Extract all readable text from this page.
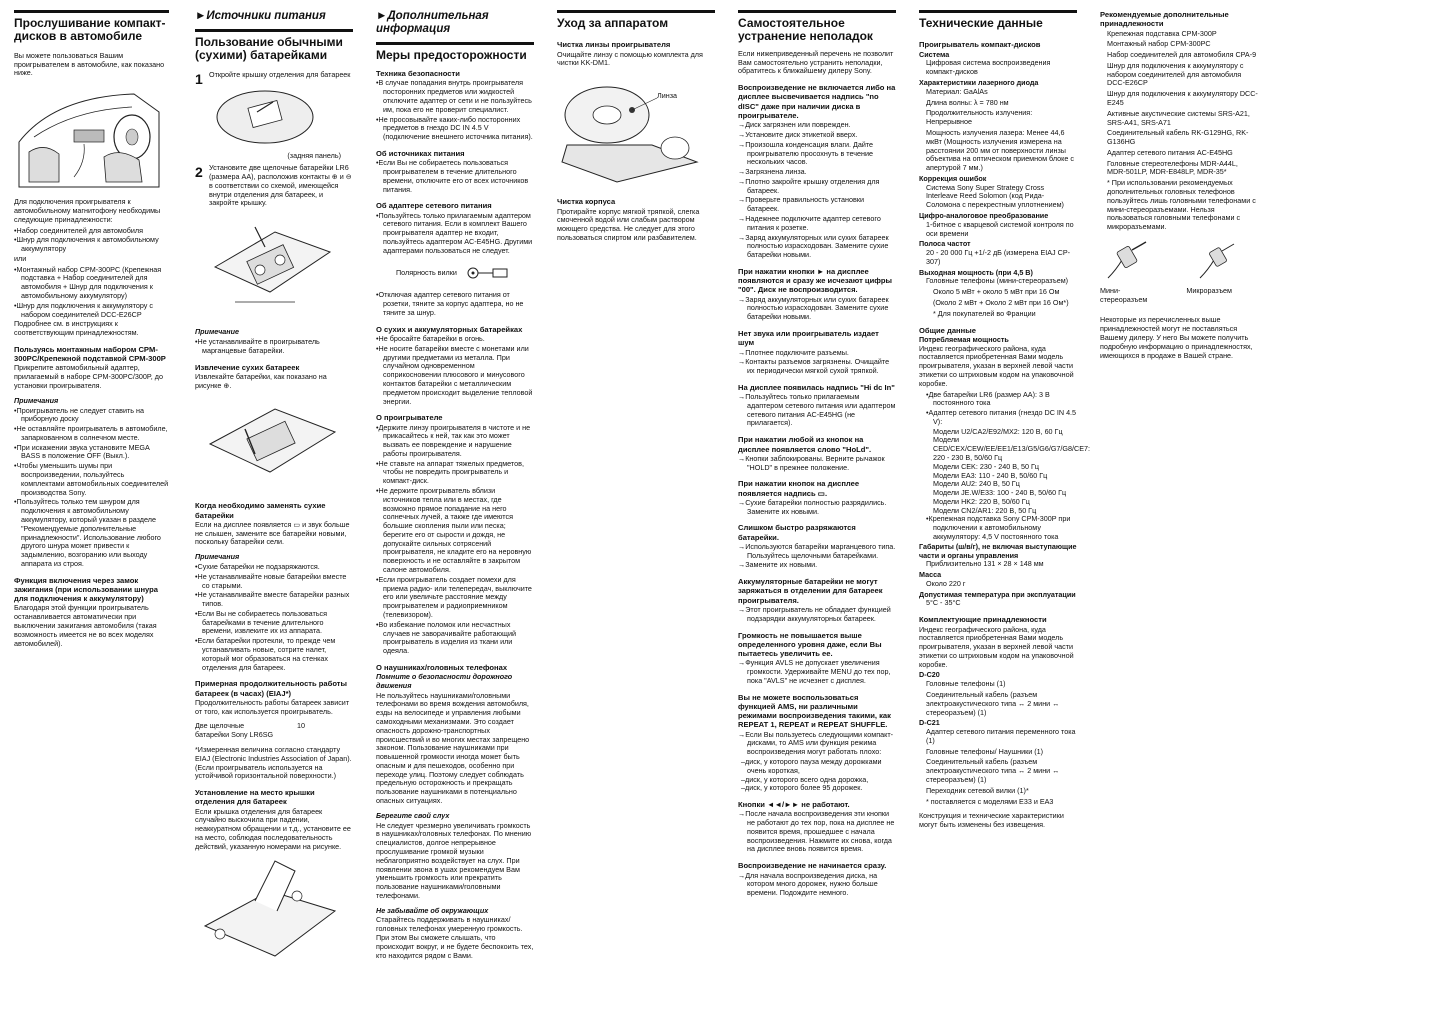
Прослушивание компакт-дисков в автомобиле

Вы можете пользоваться Вашим проигрывателем в автомобиле, как показано ниже.

Для подключения проигрывателя к автомобильному магнитофону необходимы следующие принадлежности:

• Набор соединителей для автомобиля
• Шнур для подключения к автомобильному аккумулятору

или

• Монтажный набор CPM-300PC (Крепежная подставка + Набор соединителей для автомобиля + Шнур для подключения к автомобильному аккумулятору)
• Шнур для подключения к аккумулятору с набором соединителей DCC-E26CP

Подробнее см. в инструкциях к соответствующим принадлежностям.

Пользуясь монтажным набором CPM-300PC/Крепежной подставкой CPM-300P

Прикрепите автомобильный адаптер, прилагаемый в наборе CPM-300PC/300P, до установки проигрывателя.

Примечания
• Проигрыватель не следует ставить на приборную доску
• Не оставляйте проигрыватель в автомобиле, запаркованном в солнечном месте.
• При искажении звука установите MEGA BASS в положение OFF (Выкл.).
• Чтобы уменьшить шумы при воспроизведении, пользуйтесь комплектами автомобильных соединителей производства Sony.
• Пользуйтесь только тем шнуром для подключения к автомобильному аккумулятору, который указан в разделе "Рекомендуемые дополнительные принадлежности". Использование любого другого шнура может привести к задымлению, возгоранию или выходу аппарата из строя.
Функция включения через замок зажигания (при использовании шнура для подключения к аккумулятору)

Благодаря этой функции проигрыватель останавливается автоматически при выключении зажигания автомобиля (такая возможность имеется не во всех моделях автомобилей).

►Источники питания
Пользование обычными (сухими) батарейками
1 Откройте крышку отделения для батареек

(задняя панель)
2 Установите две щелочные батарейки LR6 (размера AA), расположив контакты ⊕ и ⊖ в соответствии со схемой, имеющейся внутри отделения для батареек, и закройте крышку.

Примечание
• Не устанавливайте в проигрыватель марганцевые батарейки.
Извлечение сухих батареек

Извлекайте батарейки, как показано на рисунке ⊕.

Когда необходимо заменять сухие батарейки

Если на дисплее появляется ▭ и звук больше не слышен, замените все батарейки новыми, поскольку батарейки сели.

Примечания
• Сухие батарейки не подзаряжаются.
• Не устанавливайте новые батарейки вместе со старыми.
• Не устанавливайте вместе батарейки разных типов.
• Если Вы не собираетесь пользоваться батарейками в течение длительного времени, извлеките их из аппарата.
• Если батарейки протекли, то прежде чем устанавливать новые, сотрите налет, который мог образоваться на стенках отделения для батареек.
Примерная продолжительность работы батареек (в часах) (EIAJ*)

Продолжительность работы батареек зависит от того, как используется проигрыватель.

Две щелочные батарейки Sony LR6SG
10

*Измеренная величина согласно стандарту EIAJ (Electronic Industries Association of Japan). (Если проигрыватель используется на устойчивой горизонтальной поверхности.)

Установление на место крышки отделения для батареек

Если крышка отделения для батареек случайно выскочила при падении, неаккуратном обращении и т.д., установите ее на место, соблюдая последовательность действий, указанную номерами на рисунке.

►Дополнительная информация
Меры предосторожности
Техника безопасности
• В случае попадания внутрь проигрывателя посторонних предметов или жидкостей отключите адаптер от сети и не пользуйтесь им, пока его не проверит специалист.
• Не просовывайте каких-либо посторонних предметов в гнездо DC IN 4.5 V (подключение внешнего источника питания).
Об источниках питания
• Если Вы не собираетесь пользоваться проигрывателем в течение длительного времени, отключите его от всех источников питания.
Об адаптере сетевого питания
• Пользуйтесь только прилагаемым адаптером сетевого питания. Если в комплект Вашего проигрывателя адаптер не входит, пользуйтесь адаптером AC-E45HG. Другими адаптерами пользоваться не следует.
Полярность вилки
• Отключая адаптер сетевого питания от розетки, тяните за корпус адаптера, но не тяните за шнур.
О сухих и аккумуляторных батарейках
• Не бросайте батарейки в огонь.
• Не носите батарейки вместе с монетами или другими предметами из металла. При случайном одновременном соприкосновении плюсового и минусового контактов батарейки с металлическим предметом происходит выделение тепловой энергии.
О проигрывателе
• Держите линзу проигрывателя в чистоте и не прикасайтесь к ней, так как это может вызвать ее повреждение и нарушение работы проигрывателя.
• Не ставьте на аппарат тяжелых предметов, чтобы не повредить проигрыватель и компакт-диск.
• Не держите проигрыватель вблизи источников тепла или в местах, где возможно прямое попадание на него солнечных лучей, а также где имеются большие скопления пыли или песка; берегите его от сырости и дождя, не допускайте сильных сотрясений проигрывателя, не кладите его на неровную поверхность и не оставляйте в закрытом салоне автомобиля.
• Если проигрыватель создает помехи для приема радио- или телепередач, выключите его или увеличьте расстояние между проигрывателем и радиоприемником (телевизором).
• Во избежание поломок или несчастных случаев не заворачивайте работающий проигрыватель в изделия из ткани или одеяла.
О наушниках/головных телефонах
Помните о безопасности дорожного движения

Не пользуйтесь наушниками/головными телефонами во время вождения автомобиля, езды на велосипеде и управления любыми самоходными механизмами. Это создает опасность дорожно-транспортных происшествий и во многих местах запрещено законом. Пользование наушниками при повышенной громкости иногда может быть опасным и для пешеходов, особенно при переходе улиц. Поэтому следует соблюдать предельную осторожность и прекращать пользование наушниками в потенциально опасных ситуациях.

Берегите свой слух

Не следует чрезмерно увеличивать громкость в наушниках/головных телефонах. По мнению специалистов, долгое непрерывное прослушивание громкой музыки неблагоприятно воздействует на слух. При появлении звона в ушах рекомендуем Вам уменьшить громкость или прекратить пользование наушниками/головными телефонами.

Не забывайте об окружающих

Старайтесь поддерживать в наушниках/головных телефонах умеренную громкость. При этом Вы сможете слышать, что происходит вокруг, и не будете беспокоить тех, кто находится рядом с Вами.

Уход за аппаратом
Чистка линзы проигрывателя

Очищайте линзу с помощью комплекта для чистки KK-DM1.

Линза
Чистка корпуса

Протирайте корпус мягкой тряпкой, слегка смоченной водой или слабым раствором моющего средства. Не следует для этого пользоваться спиртом или разбавителем.

Самостоятельное устранение неполадок

Если нижеприведенный перечень не позволит Вам самостоятельно устранить неполадки, обратитесь к ближайшему дилеру Sony.

Воспроизведение не включается либо на дисплее высвечивается надпись "no dISC" даже при наличии диска в проигрывателе.
→ Диск загрязнен или поврежден.
→ Установите диск этикеткой вверх.
→ Произошла конденсация влаги. Дайте проигрывателю просохнуть в течение нескольких часов.
→ Загрязнена линза.
→ Плотно закройте крышку отделения для батареек.
→ Проверьте правильность установки батареек.
→ Надежнее подключите адаптер сетевого питания к розетке.
→ Заряд аккумуляторных или сухих батареек полностью израсходован. Замените сухие батарейки новыми.
При нажатии кнопки ► на дисплее появляются и сразу же исчезают цифры "00". Диск не воспроизводится.
→ Заряд аккумуляторных или сухих батареек полностью израсходован. Замените сухие батарейки новыми.
Нет звука или проигрыватель издает шум
→ Плотнее подключите разъемы.
→ Контакты разъемов загрязнены. Очищайте их периодически мягкой сухой тряпкой.
На дисплее появилась надпись "Hi dc In"
→ Пользуйтесь только прилагаемым адаптером сетевого питания или адаптером сетевого питания AC-E45HG (не прилагается).
При нажатии любой из кнопок на дисплее появляется слово "HoLd".
→ Кнопки заблокированы. Верните рычажок "HOLD" в прежнее положение.
При нажатии кнопок на дисплее появляется надпись ▭.
→ Сухие батарейки полностью разрядились. Замените их новыми.
Слишком быстро разряжаются батарейки.
→ Используются батарейки марганцевого типа. Пользуйтесь щелочными батарейками.
→ Замените их новыми.
Аккумуляторные батарейки не могут заряжаться в отделении для батареек проигрывателя.
→ Этот проигрыватель не обладает функцией подзарядки аккумуляторных батареек.
Громкость не повышается выше определенного уровня даже, если Вы пытаетесь увеличить ее.
→ Функция AVLS не допускает увеличения громкости. Удерживайте MENU до тех пор, пока "AVLS" не исчезнет с дисплея.
Вы не можете воспользоваться функцией AMS, ни различными режимами воспроизведения такими, как REPEAT 1, REPEAT и REPEAT SHUFFLE.
→ Если Вы пользуетесь следующими компакт-дисками, то AMS или функция режима воспроизведения могут работать плохо:
– диск, у которого пауза между дорожками очень короткая,
– диск, у которого всего одна дорожка,
– диск, у которого более 95 дорожек.
Кнопки ◄◄/►► не работают.
→ После начала воспроизведения эти кнопки не работают до тех пор, пока на дисплее не появится время, прошедшее с начала воспроизведения. Нажмите их снова, когда на дисплее вновь появится время.
Воспроизведение не начинается сразу.
→ Для начала воспроизведения диска, на котором много дорожек, нужно больше времени. Подождите немного.
Технические данные
Проигрыватель компакт-дисков
Система

Цифровая система воспроизведения компакт-дисков

Характеристики лазерного диода

Материал: GaAlAs

Длина волны: λ = 780 нм

Продолжительность излучения: Непрерывное

Мощность излучения лазера: Менее 44,6 мкВт (Мощность излучения измерена на расстоянии 200 мм от поверхности линзы объектива на оптическом приемном блоке с апертурой 7 мм.)

Коррекция ошибок

Система Sony Super Strategy Cross Interleave Reed Solomon (код Рида-Соломона с перекрестным уплотнением)

Цифро-аналоговое преобразование

1-битное с кварцевой системой контроля по оси времени

Полоса частот

20 - 20 000 Гц +1/-2 дБ (измерена EIAJ CP-307)

Выходная мощность (при 4,5 В)

Головные телефоны (мини-стереоразъем)

Около 5 мВт + около 5 мВт при 16 Ом

(Около 2 мВт + Около 2 мВт при 16 Ом*)

* Для покупателей во Франции

Общие данные
Потребляемая мощность

Индекс географического района, куда поставляется приобретенная Вами модель проигрывателя, указан в верхней левой части этикетки со штриховым кодом на упаковочной коробке.

• Две батарейки LR6 (размер AA): 3 В постоянного тока
• Адаптер сетевого питания (гнездо DC IN 4.5 V):

Модели U2/CA2/E92/MX2: 120 В, 60 Гц

Модели CED/CEX/CEW/EE/EE1/E13/G5/G6/G7/G8/CE7: 220 - 230 В, 50/60 Гц

Модели CEK: 230 - 240 В, 50 Гц

Модели EA3: 110 - 240 В, 50/60 Гц

Модели AU2: 240 В, 50 Гц

Модели JE.W/E33: 100 - 240 В, 50/60 Гц

Модели HK2: 220 В, 50/60 Гц

Модели CN2/AR1: 220 В, 50 Гц

• Крепежная подставка Sony CPM-300P при подключении к автомобильному аккумулятору: 4,5 V постоянного тока
Габариты (ш/в/г), не включая выступающие части и органы управления

Приблизительно 131 × 28 × 148 мм

Масса

Около 220 г

Допустимая температура при эксплуатации

5°C - 35°C

Комплектующие принадлежности

Индекс географического района, куда поставляется приобретенная Вами модель проигрывателя, указан в верхней левой части этикетки со штриховым кодом на упаковочной коробке.

D-C20

Головные телефоны (1)

Соединительный кабель (разъем электроакустического типа ↔ 2 мини ↔ стереоразъем) (1)

D-C21

Адаптер сетевого питания переменного тока (1)

Головные телефоны/ Наушники (1)

Соединительный кабель (разъем электроакустического типа ↔ 2 мини ↔ стереоразъем) (1)

Переходник сетевой вилки (1)*

* поставляется с моделями E33 и EA3

Конструкция и технические характеристики могут быть изменены без извещения.

Рекомендуемые дополнительные принадлежности

Крепежная подставка CPM-300P

Монтажный набор CPM-300PC

Набор соединителей для автомобиля CPA-9

Шнур для подключения к аккумулятору с набором соединителей для автомобиля DCC-E26CP

Шнур для подключения к аккумулятору DCC-E245

Активные акустические системы SRS-A21, SRS-A41, SRS-A71

Соединительный кабель RK-G129HG, RK-G136HG

Адаптер сетевого питания AC-E45HG

Головные стереотелефоны MDR-A44L, MDR-501LP, MDR-E848LP, MDR-35*

* При использовании рекомендуемых дополнительных головных телефонов пользуйтесь лишь головными телефонами с мини-стереоразъемами. Нельзя пользоваться головными телефонами с микроразъемами.

Мини-стереоразъем
Микроразъем

Некоторые из перечисленных выше принадлежностей могут не поставляться Вашему дилеру. У него Вы можете получить подробную информацию о принадлежностях, имеющихся в продаже в Вашей стране.
